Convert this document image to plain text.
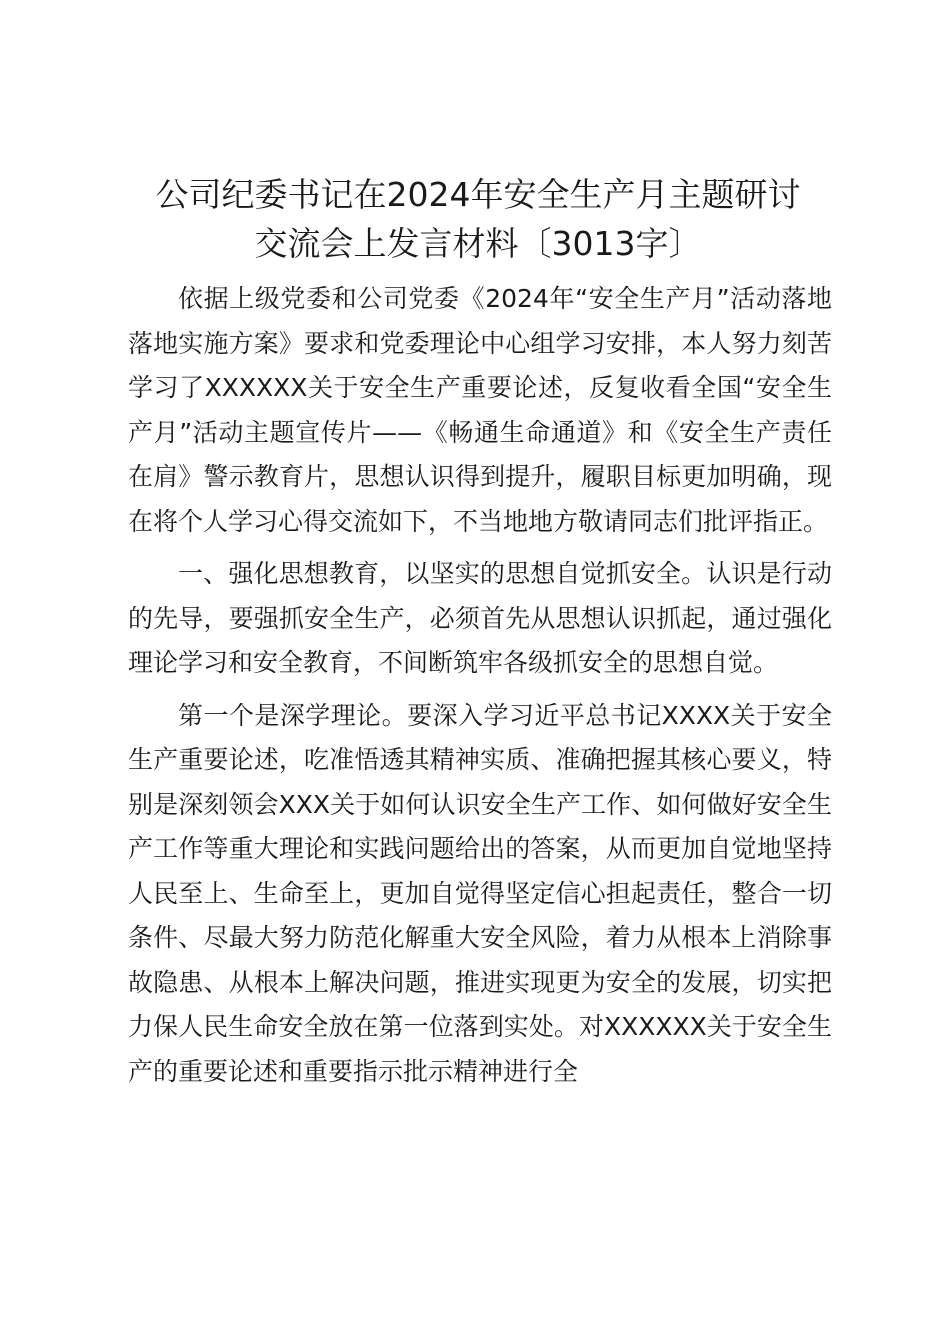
公司纪委书记在2024年安全生产月主题研讨
交流会上发言材料〔3013字〕

依据上级党委和公司党委《2024年“安全生产月”活动落地落地实施方案》要求和党委理论中心组学习安排，本人努力刻苦学习了XXXXXX关于安全生产重要论述，反复收看全国“安全生产月”活动主题宣传片——《畅通生命通道》和《安全生产责任在肩》警示教育片，思想认识得到提升，履职目标更加明确，现在将个人学习心得交流如下，不当地地方敬请同志们批评指正。

一、强化思想教育，以坚实的思想自觉抓安全。认识是行动的先导，要强抓安全生产，必须首先从思想认识抓起，通过强化理论学习和安全教育，不间断筑牢各级抓安全的思想自觉。

第一个是深学理论。要深入学习近平总书记XXXX关于安全生产重要论述，吃准悟透其精神实质、准确把握其核心要义，特别是深刻领会XXX关于如何认识安全生产工作、如何做好安全生产工作等重大理论和实践问题给出的答案，从而更加自觉地坚持人民至上、生命至上，更加自觉得坚定信心担起责任，整合一切条件、尽最大努力防范化解重大安全风险，着力从根本上消除事故隐患、从根本上解决问题，推进实现更为安全的发展，切实把力保人民生命安全放在第一位落到实处。对XXXXXX关于安全生产的重要论述和重要指示批示精神进行全
